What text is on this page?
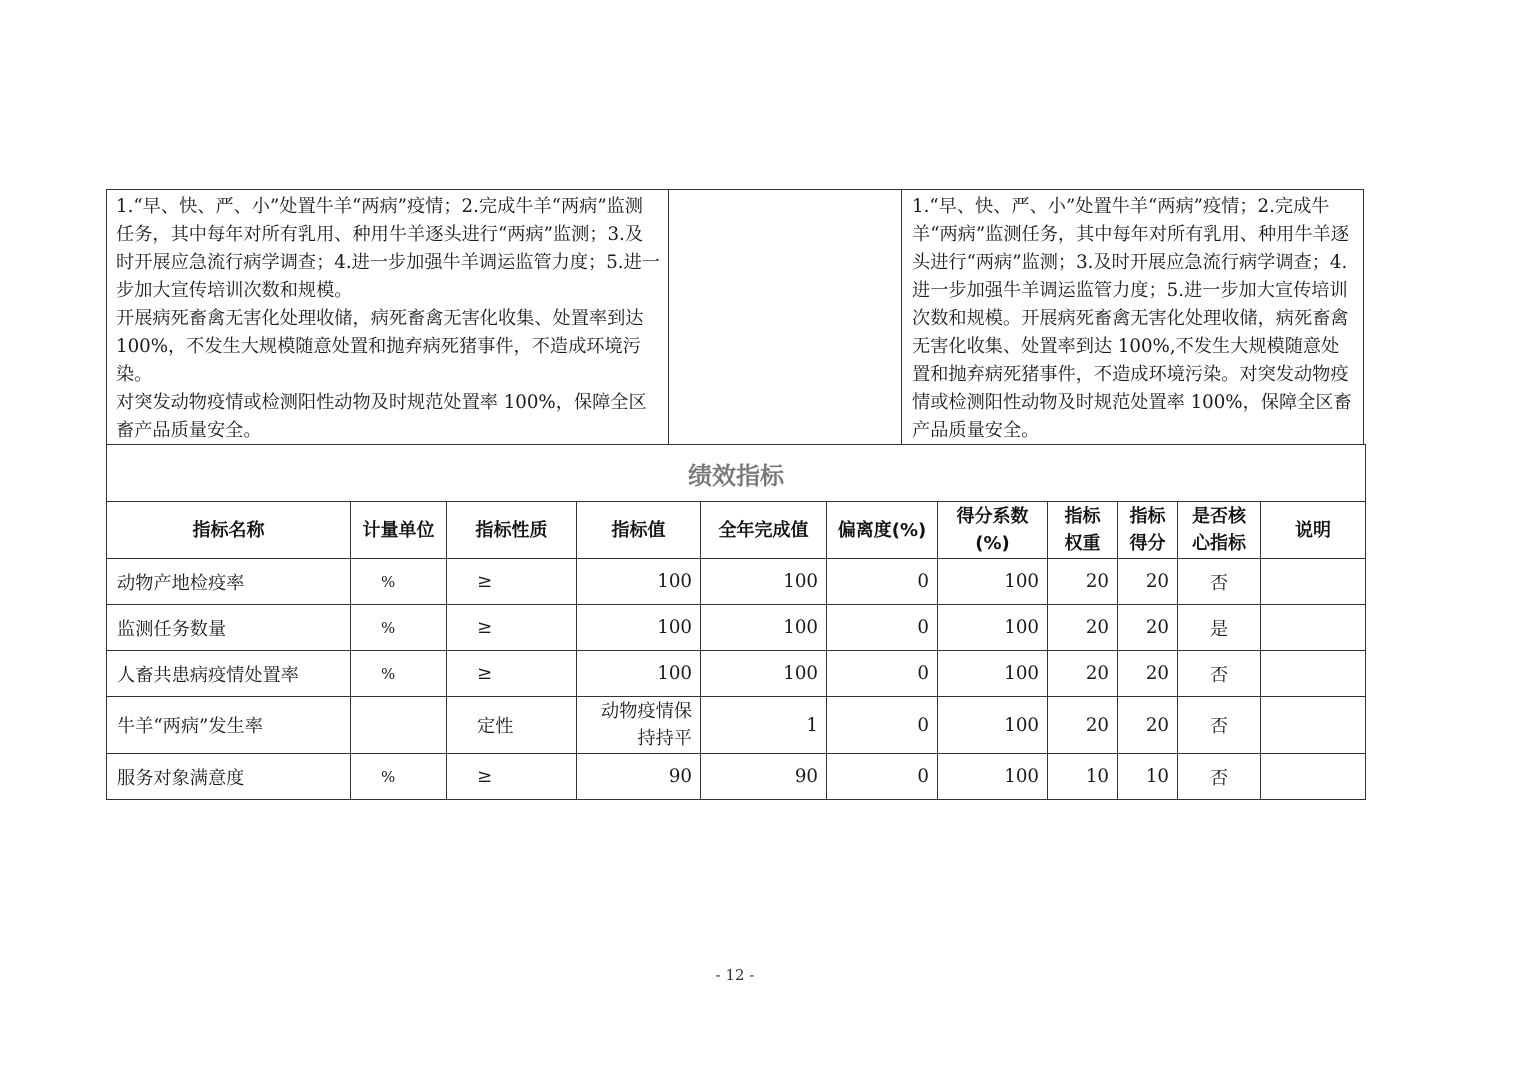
1.“早、快、严、小”处置牛羊“两病”疫情；2.完成牛羊“两病”监测任务，其中每年对所有乳用、种用牛羊逐头进行“两病”监测；3.及时开展应急流行病学调查；4.进一步加强牛羊调运监管力度；5.进一步加大宣传培训次数和规模。

开展病死畜禽无害化处理收储，病死畜禽无害化收集、处置率到达 100%，不发生大规模随意处置和抛弃病死猪事件，不造成环境污染。

对突发动物疫情或检测阳性动物及时规范处置率 100%，保障全区畜产品质量安全。

1.“早、快、严、小”处置牛羊“两病”疫情；2.完成牛羊“两病”监测任务，其中每年对所有乳用、种用牛羊逐头进行“两病”监测；3.及时开展应急流行病学调查；4.进一步加强牛羊调运监管力度；5.进一步加大宣传培训次数和规模。开展病死畜禽无害化处理收储，病死畜禽无害化收集、处置率到达 100%,不发生大规模随意处置和抛弃病死猪事件，不造成环境污染。对突发动物疫情或检测阳性动物及时规范处置率 100%，保障全区畜产品质量安全。

绩效指标										
指标名称	计量单位	指标性质	指标值	全年完成值	偏离度(%)	得分系数(%)	指标权重	指标得分	是否核心指标	说明
动物产地检疫率	%	≥	100	100	0	100	20	20	否	
监测任务数量	%	≥	100	100	0	100	20	20	是	
人畜共患病疫情处置率	%	≥	100	100	0	100	20	20	否	
牛羊“两病”发生率		定性	动物疫情保持持平	1	0	100	20	20	否	
服务对象满意度	%	≥	90	90	0	100	10	10	否	
- 12 -
